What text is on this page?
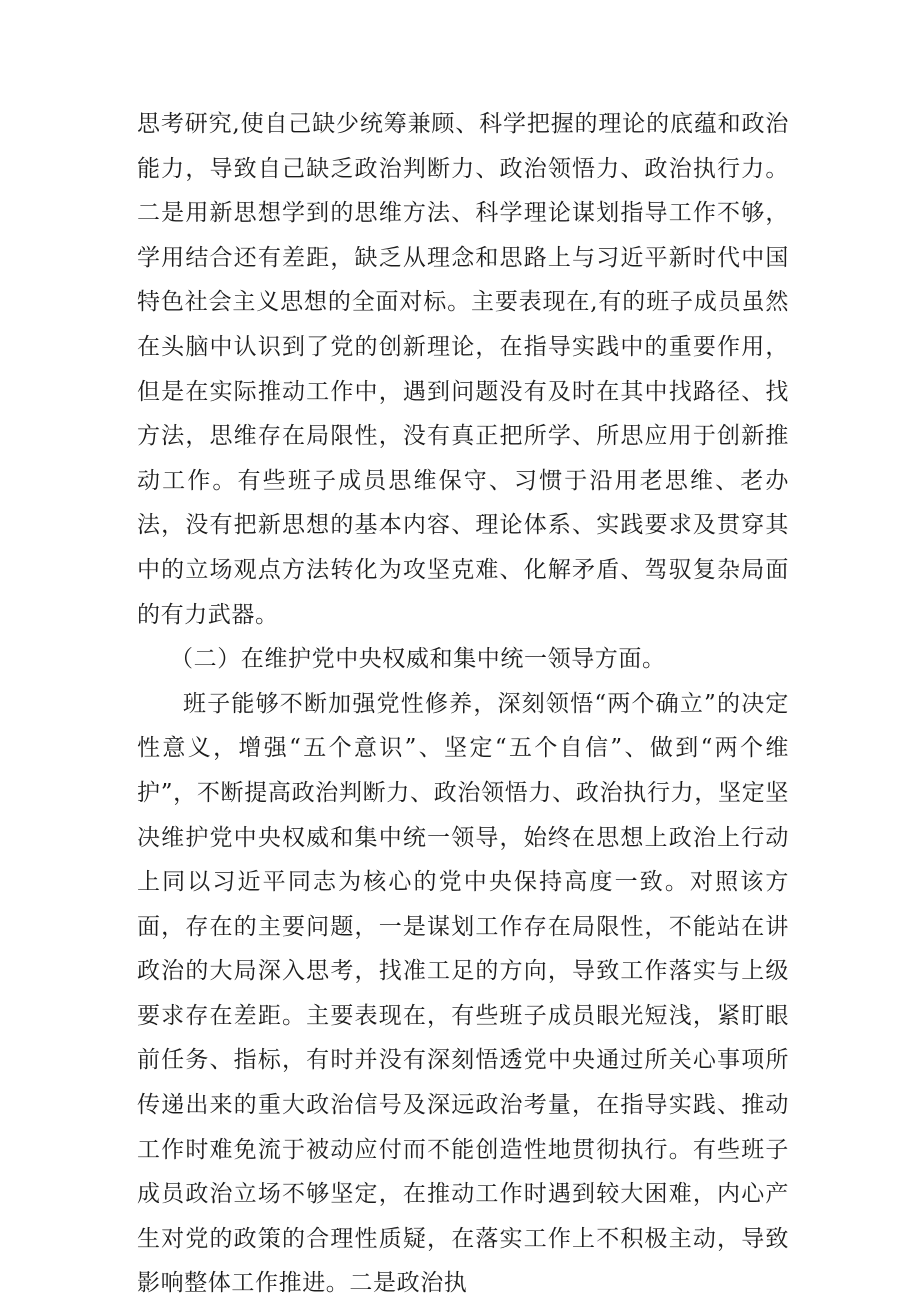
思考研究,使自己缺少统筹兼顾、科学把握的理论的底蕴和政治能力，导致自己缺乏政治判断力、政治领悟力、政治执行力。二是用新思想学到的思维方法、科学理论谋划指导工作不够，学用结合还有差距，缺乏从理念和思路上与习近平新时代中国特色社会主义思想的全面对标。主要表现在,有的班子成员虽然在头脑中认识到了党的创新理论，在指导实践中的重要作用，但是在实际推动工作中，遇到问题没有及时在其中找路径、找方法，思维存在局限性，没有真正把所学、所思应用于创新推动工作。有些班子成员思维保守、习惯于沿用老思维、老办法，没有把新思想的基本内容、理论体系、实践要求及贯穿其中的立场观点方法转化为攻坚克难、化解矛盾、驾驭复杂局面的有力武器。

（二）在维护党中央权威和集中统一领导方面。

班子能够不断加强党性修养，深刻领悟“两个确立”的决定性意义，增强“五个意识”、坚定“五个自信”、做到“两个维护”，不断提高政治判断力、政治领悟力、政治执行力，坚定坚决维护党中央权威和集中统一领导，始终在思想上政治上行动上同以习近平同志为核心的党中央保持高度一致。对照该方面，存在的主要问题，一是谋划工作存在局限性，不能站在讲政治的大局深入思考，找准工足的方向，导致工作落实与上级要求存在差距。主要表现在，有些班子成员眼光短浅，紧盯眼前任务、指标，有时并没有深刻悟透党中央通过所关心事项所传递出来的重大政治信号及深远政治考量，在指导实践、推动工作时难免流于被动应付而不能创造性地贯彻执行。有些班子成员政治立场不够坚定，在推动工作时遇到较大困难，内心产生对党的政策的合理性质疑，在落实工作上不积极主动，导致影响整体工作推进。二是政治执
